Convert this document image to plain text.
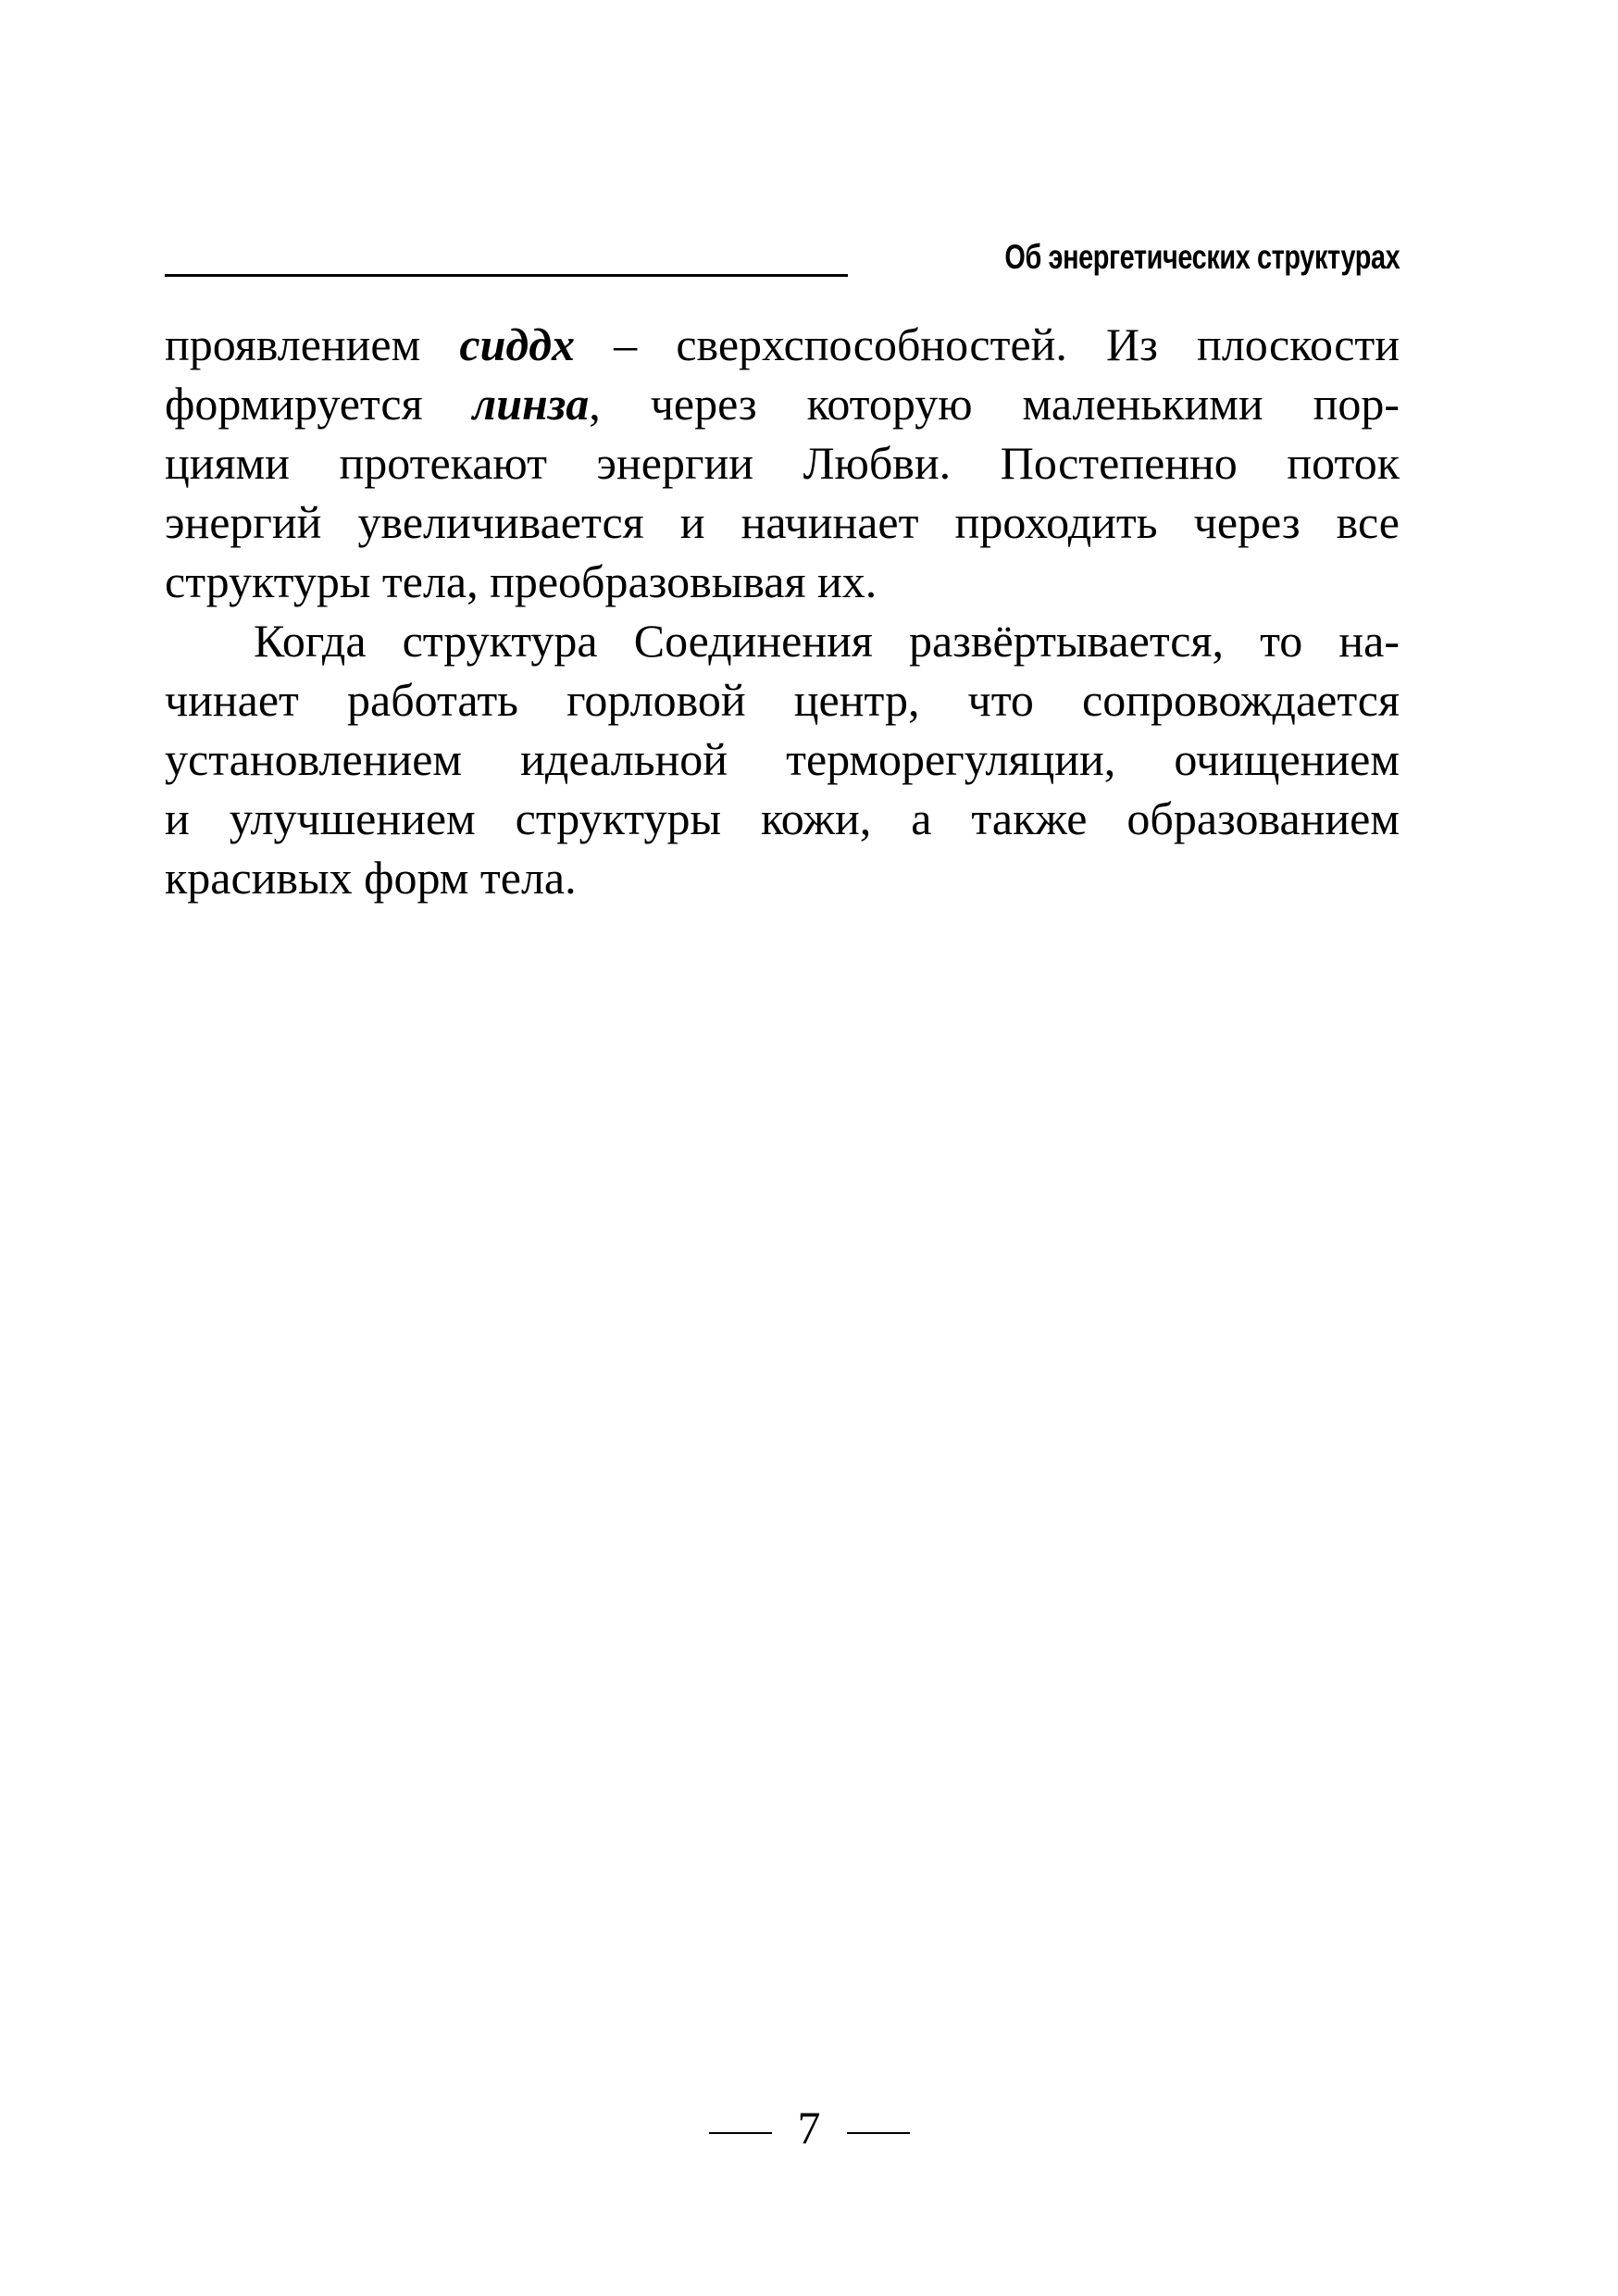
Об энергетических структурах

проявлением сиддх – сверхспособностей. Из плоскости
формируется линза, через которую маленькими пор-
циями протекают энергии Любви. Постепенно поток
энергий увеличивается и начинает проходить через все
структуры тела, преобразовывая их.

Когда структура Соединения развёртывается, то на-
чинает работать горловой центр, что сопровождается
установлением идеальной терморегуляции, очищением
и улучшением структуры кожи, а также образованием
красивых форм тела.

7
